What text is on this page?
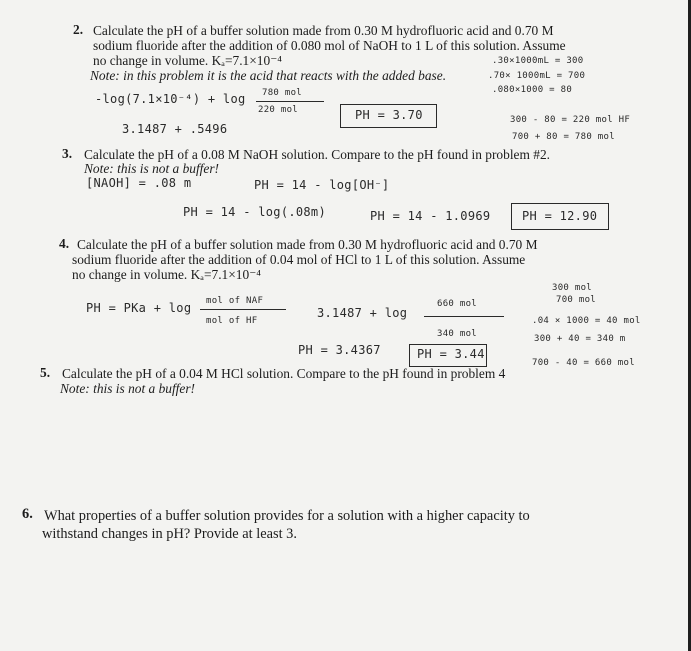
2. Calculate the pH of a buffer solution made from 0.30 M hydrofluoric acid and 0.70 M
sodium fluoride after the addition of 0.080 mol of NaOH to 1 L of this solution. Assume
no change in volume. Kₐ=7.1×10⁻⁴
Note: in this problem it is the acid that reacts with the added base.
.30×1000mL = 300
.70× 1000mL = 700
.080×1000 = 80
-log(7.1×10⁻⁴) + log 780 mol
220 mol
3.1487 + .5496
PH = 3.70	300 - 80 = 220 mol HF
700 + 80 = 780 mol
3. Calculate the pH of a 0.08 M NaOH solution. Compare to the pH found in problem #2.
Note: this is not a buffer!
[NAOH] = .08 m	PH = 14 - log[OH⁻]
PH = 14 - log(.08m)	PH = 14 - 1.0969	PH = 12.90
4. Calculate the pH of a buffer solution made from 0.30 M hydrofluoric acid and 0.70 M
sodium fluoride after the addition of 0.04 mol of HCl to 1 L of this solution. Assume
no change in volume. Kₐ=7.1×10⁻⁴
PH = PKa + log mol of NAF
mol of HF
3.1487 + log
660 mol
340 mol
PH = 3.4367	PH = 3.44
300 mol
700 mol
.04 × 1000 = 40 mol
300 + 40 = 340 m
700 - 40 = 660 mol
5. Calculate the pH of a 0.04 M HCl solution. Compare to the pH found in problem 4
Note: this is not a buffer!
6. What properties of a buffer solution provides for a solution with a higher capacity to
withstand changes in pH? Provide at least 3.
